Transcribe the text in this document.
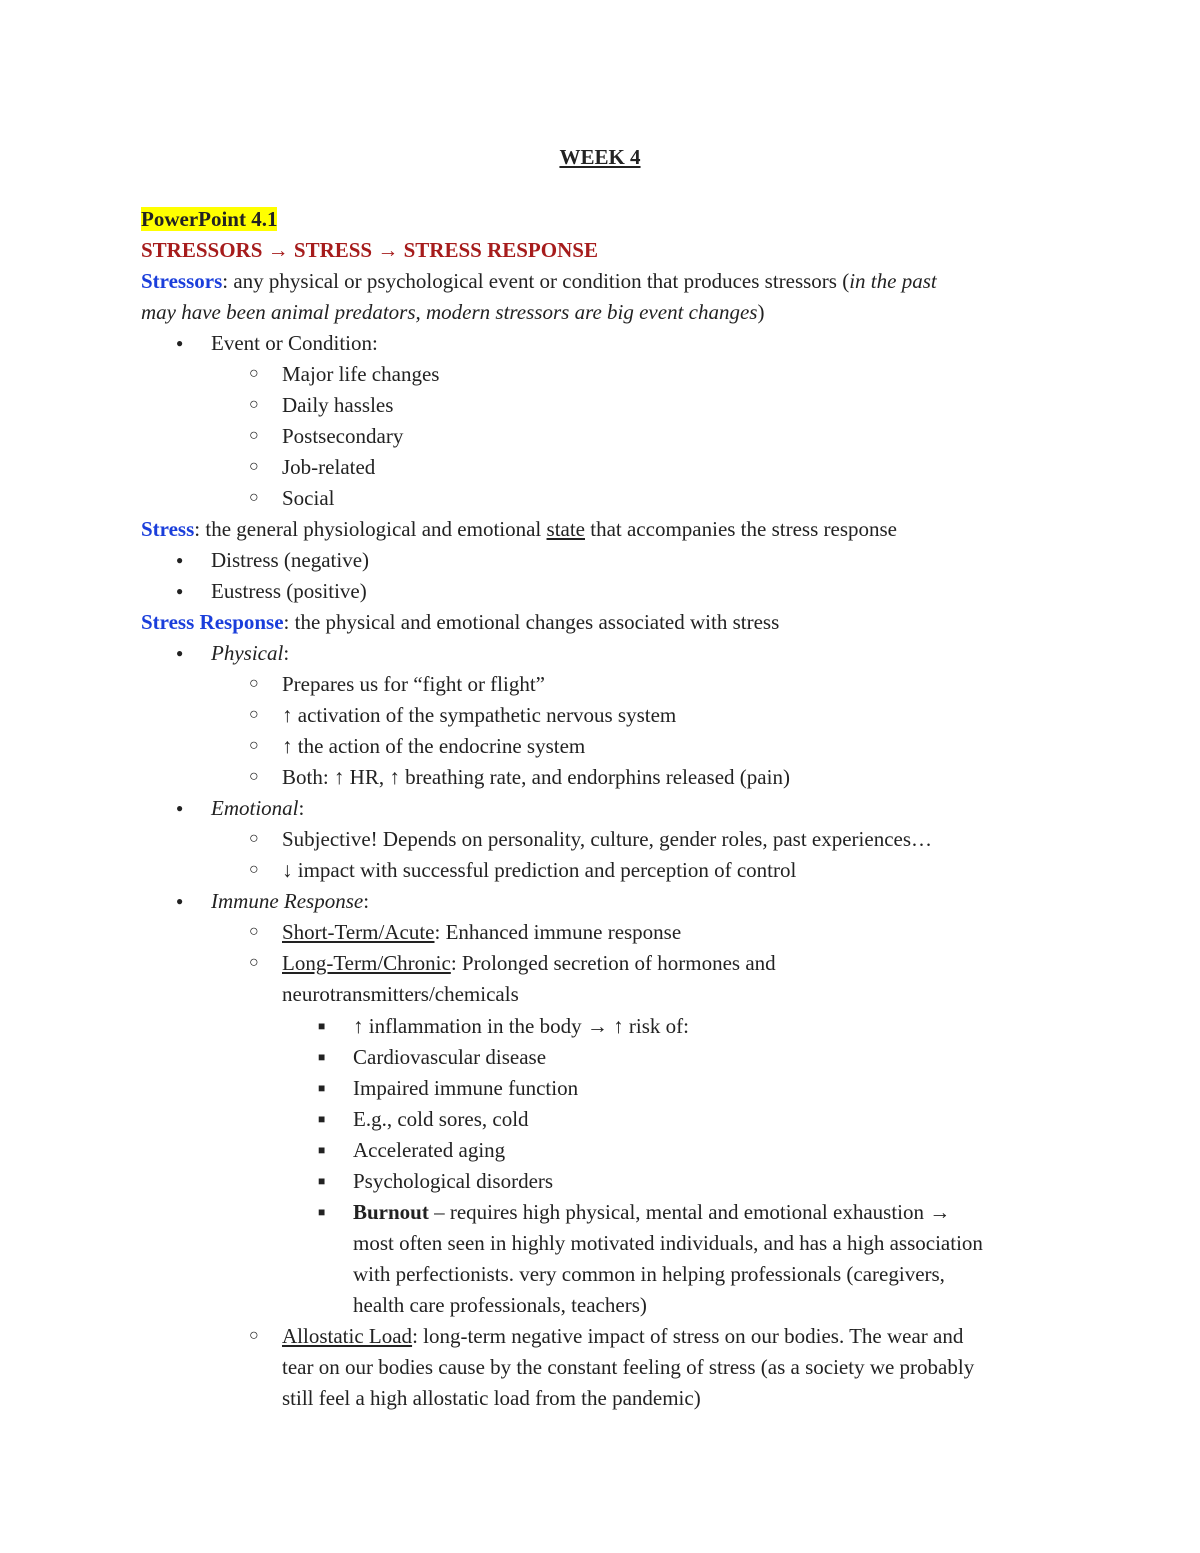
WEEK 4
PowerPoint 4.1
STRESSORS → STRESS → STRESS RESPONSE
Stressors: any physical or psychological event or condition that produces stressors (in the past
may have been animal predators, modern stressors are big event changes)
● Event or Condition:
○ Major life changes
○ Daily hassles
○ Postsecondary
○ Job-related
○ Social
Stress: the general physiological and emotional state that accompanies the stress response
● Distress (negative)
● Eustress (positive)
Stress Response: the physical and emotional changes associated with stress
● Physical:
○ Prepares us for “fight or flight”
○ ↑ activation of the sympathetic nervous system
○ ↑ the action of the endocrine system
○ Both: ↑ HR, ↑ breathing rate, and endorphins released (pain)
● Emotional:
○ Subjective! Depends on personality, culture, gender roles, past experiences…
○ ↓ impact with successful prediction and perception of control
● Immune Response:
○ Short-Term/Acute: Enhanced immune response
○ Long-Term/Chronic: Prolonged secretion of hormones and
neurotransmitters/chemicals
■ ↑ inflammation in the body → ↑ risk of:
■ Cardiovascular disease
■ Impaired immune function
■ E.g., cold sores, cold
■ Accelerated aging
■ Psychological disorders
■ Burnout – requires high physical, mental and emotional exhaustion →
most often seen in highly motivated individuals, and has a high association
with perfectionists. very common in helping professionals (caregivers,
health care professionals, teachers)
○ Allostatic Load: long-term negative impact of stress on our bodies. The wear and
tear on our bodies cause by the constant feeling of stress (as a society we probably
still feel a high allostatic load from the pandemic)
